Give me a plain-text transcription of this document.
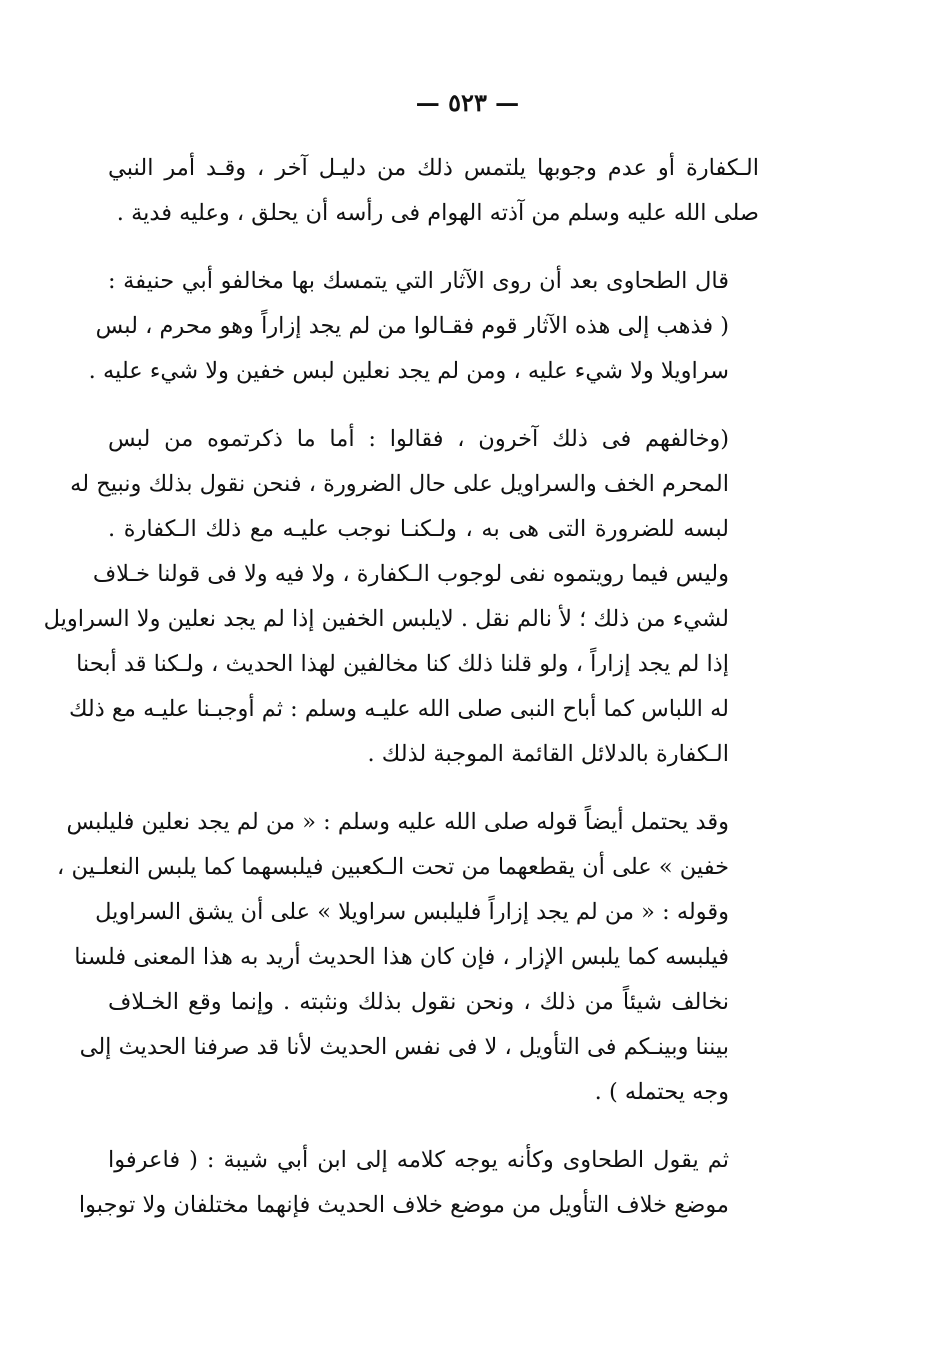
— ٥٢٣ —
الـكفارة أو عدم وجوبها يلتمس ذلك من دليـل آخر ، وقـد أمر النبي
صلى الله عليه وسلم من آذته الهوام فى رأسه أن يحلق ، وعليه فدية .
قال الطحاوى بعد أن روى الآثار التي يتمسك بها مخالفو أبي حنيفة :
( فذهب إلى هذه الآثار قوم فقـالوا من لم يجد إزاراً وهو محرم ، لبس
سراويلا ولا شيء عليه ، ومن لم يجد نعلين لبس خفين ولا شيء عليه .
(وخالفهم فى ذلك آخرون ، فقالوا : أما ما ذكرتموه من لبس
المحرم الخف والسراويل على حال الضرورة ، فنحن نقول بذلك ونبيح له
لبسه للضرورة التى هى به ، ولـكنـا نوجب عليـه مع ذلك الـكفارة .
وليس فيما رويتموه نفى لوجوب الـكفارة ، ولا فيه ولا فى قولنا خـلاف
لشيء من ذلك ؛ لأ نالم نقل . لايلبس الخفين إذا لم يجد نعلين ولا السراويل
إذا لم يجد إزاراً ، ولو قلنا ذلك كنا مخالفين لهذا الحديث ، ولـكنا قد أبحنا
له اللباس كما أباح النبى صلى الله عليـه وسلم : ثم أوجبـنا عليـه مع ذلك
الـكفارة بالدلائل القائمة الموجبة لذلك .
وقد يحتمل أيضاً قوله صلى الله عليه وسلم : « من لم يجد نعلين فليلبس
خفين » على أن يقطعهما من تحت الـكعبين فيلبسهما كما يلبس النعلـين ،
وقوله : « من لم يجد إزاراً فليلبس سراويلا » على أن يشق السراويل
فيلبسه كما يلبس الإزار ، فإن كان هذا الحديث أريد به هذا المعنى فلسنا
نخالف شيئاً من ذلك ، ونحن نقول بذلك ونثبته . وإنما وقع الخـلاف
بيننا وبينـكم فى التأويل ، لا فى نفس الحديث لأنا قد صرفنا الحديث إلى
وجه يحتمله ) .
ثم يقول الطحاوى وكأنه يوجه كلامه إلى ابن أبي شيبة : ( فاعرفوا
موضع خلاف التأويل من موضع خلاف الحديث فإنهما مختلفان ولا توجبوا
